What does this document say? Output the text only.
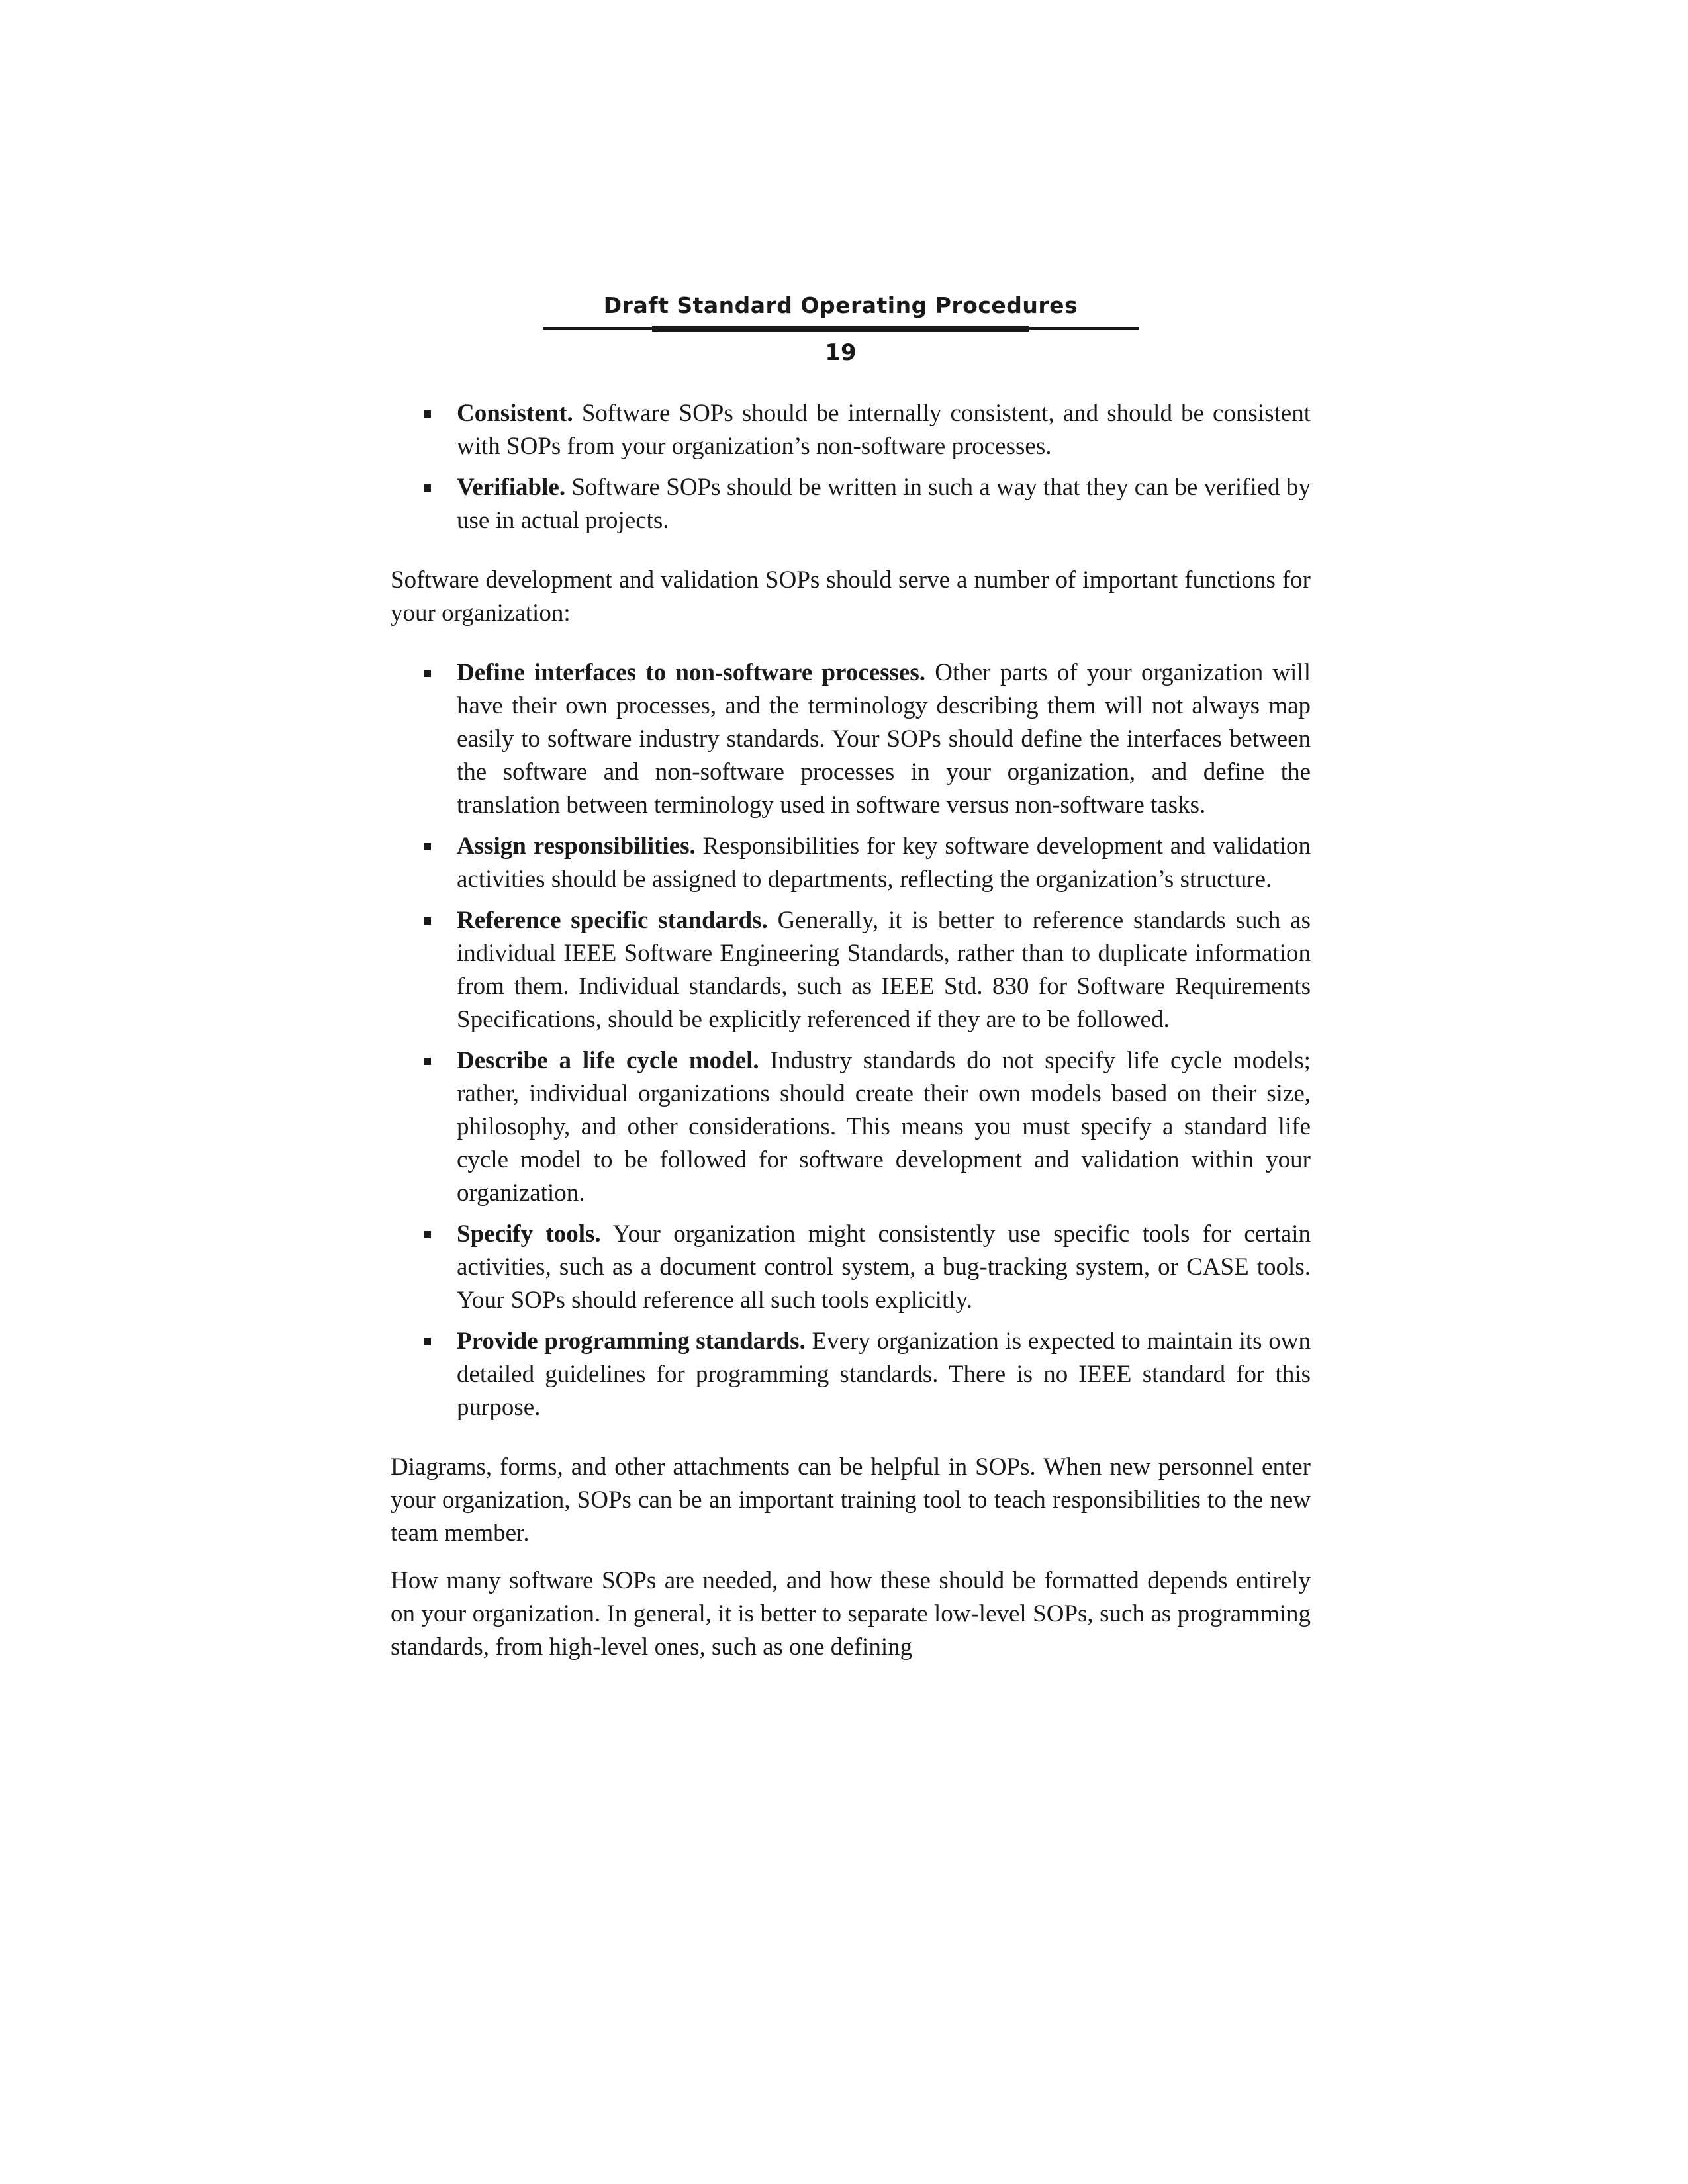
Draft Standard Operating Procedures
19
Consistent. Software SOPs should be internally consistent, and should be consistent with SOPs from your organization’s non-software processes.
Verifiable. Software SOPs should be written in such a way that they can be verified by use in actual projects.

Software development and validation SOPs should serve a number of important functions for your organization:

Define interfaces to non-software processes. Other parts of your organization will have their own processes, and the terminology describing them will not always map easily to software industry standards. Your SOPs should define the interfaces between the software and non-software processes in your organization, and define the translation between terminology used in software versus non-software tasks.
Assign responsibilities. Responsibilities for key software development and validation activities should be assigned to departments, reflecting the organization’s structure.
Reference specific standards. Generally, it is better to reference standards such as individual IEEE Software Engineering Standards, rather than to duplicate information from them. Individual standards, such as IEEE Std. 830 for Software Requirements Specifications, should be explicitly referenced if they are to be followed.
Describe a life cycle model. Industry standards do not specify life cycle models; rather, individual organizations should create their own models based on their size, philosophy, and other considerations. This means you must specify a standard life cycle model to be followed for software development and validation within your organization.
Specify tools. Your organization might consistently use specific tools for certain activities, such as a document control system, a bug-tracking system, or CASE tools. Your SOPs should reference all such tools explicitly.
Provide programming standards. Every organization is expected to maintain its own detailed guidelines for programming standards. There is no IEEE standard for this purpose.

Diagrams, forms, and other attachments can be helpful in SOPs. When new personnel enter your organization, SOPs can be an important training tool to teach responsibilities to the new team member.

How many software SOPs are needed, and how these should be formatted depends entirely on your organization. In general, it is better to separate low-level SOPs, such as programming standards, from high-level ones, such as one defining
